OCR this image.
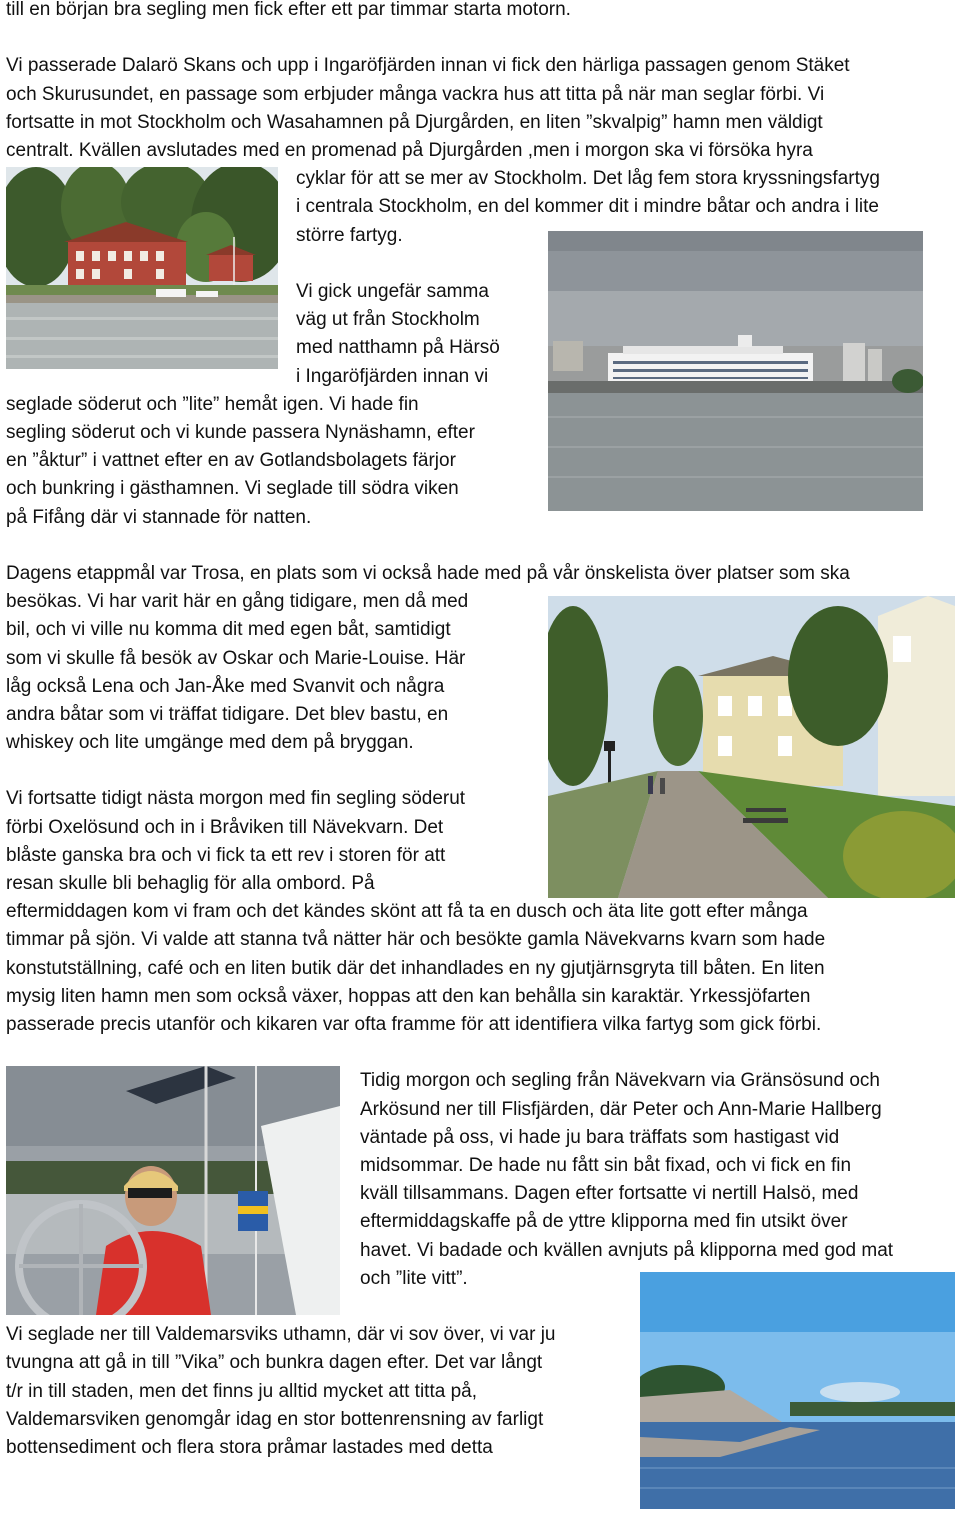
till en början bra segling men fick efter ett par timmar starta motorn.
Vi passerade Dalarö Skans och upp i Ingaröfjärden innan vi fick den härliga passagen genom Stäket
och Skurusundet, en passage som erbjuder många vackra hus att titta på när man seglar förbi. Vi
fortsatte in mot Stockholm och Wasahamnen på Djurgården, en liten ”skvalpig” hamn men väldigt
centralt. Kvällen avslutades med en promenad på Djurgården ,men i morgon ska vi försöka hyra
cyklar för att se mer av Stockholm. Det låg fem stora kryssningsfartyg
i centrala Stockholm, en del kommer dit i mindre båtar och andra i lite
större fartyg.
Vi gick ungefär samma
väg ut från Stockholm
med natthamn på Härsö
i Ingaröfjärden innan vi
seglade söderut och ”lite” hemåt igen. Vi hade fin
segling söderut och vi kunde passera Nynäshamn, efter
en ”åktur” i vattnet efter en av Gotlandsbolagets färjor
och bunkring i gästhamnen. Vi seglade till södra viken
på Fifång där vi stannade för natten.
Dagens etappmål var Trosa, en plats som vi också hade med på vår önskelista över platser som ska
besökas. Vi har varit här en gång tidigare, men då med
bil, och vi ville nu komma dit med egen båt, samtidigt
som vi skulle få besök av Oskar och Marie-Louise. Här
låg också Lena och Jan-Åke med Svanvit och några
andra båtar som vi träffat tidigare. Det blev bastu, en
whiskey och lite umgänge med dem på bryggan.
Vi fortsatte tidigt nästa morgon med fin segling söderut
förbi Oxelösund och in i Bråviken till Nävekvarn. Det
blåste ganska bra och vi fick ta ett rev i storen för att
resan skulle bli behaglig för alla ombord. På
eftermiddagen kom vi fram och det kändes skönt att få ta en dusch och äta lite gott efter många
timmar på sjön. Vi valde att stanna två nätter här och besökte gamla Nävekvarns kvarn som hade
konstutställning, café och en liten butik där det inhandlades en ny gjutjärnsgryta till båten. En liten
mysig liten hamn men som också växer, hoppas att den kan behålla sin karaktär. Yrkessjöfarten
passerade precis utanför och kikaren var ofta framme för att identifiera vilka fartyg som gick förbi.
Tidig morgon och segling från Nävekvarn via Gränsösund och
Arkösund ner till Flisfjärden, där Peter och Ann-Marie Hallberg
väntade på oss, vi hade ju bara träffats som hastigast vid
midsommar. De hade nu fått sin båt fixad, och vi fick en fin
kväll tillsammans. Dagen efter fortsatte vi nertill Halsö, med
eftermiddagskaffe på de yttre klipporna med fin utsikt över
havet. Vi badade och kvällen avnjuts på klipporna med god mat
och ”lite vitt”.
Vi seglade ner till Valdemarsviks uthamn, där vi sov över, vi var ju
tvungna att gå in till ”Vika” och bunkra dagen efter. Det var långt
t/r in till staden, men det finns ju alltid mycket att titta på,
Valdemarsviken genomgår idag en stor bottenrensning av farligt
bottensediment och flera stora pråmar lastades med detta
